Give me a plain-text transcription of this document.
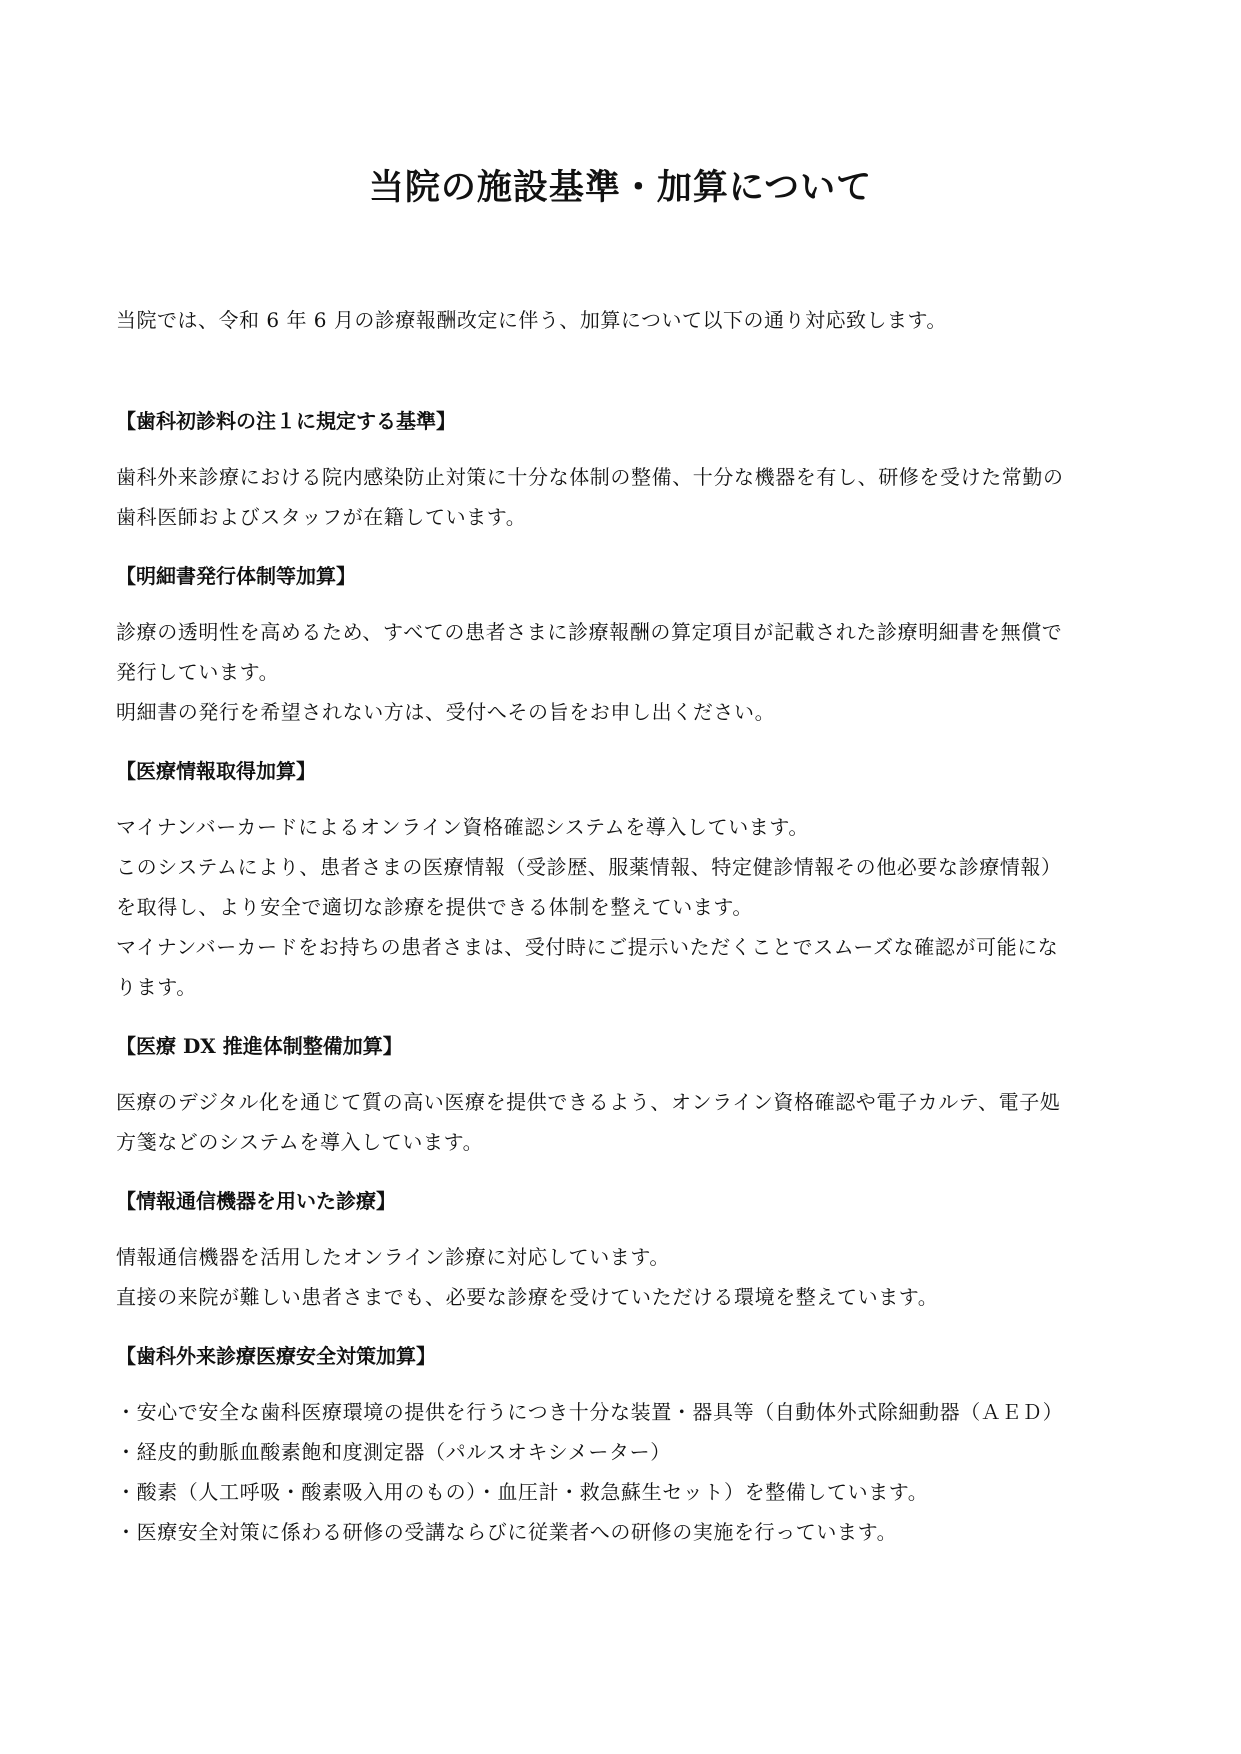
当院の施設基準・加算について

当院では、令和 6 年 6 月の診療報酬改定に伴う、加算について以下の通り対応致します。

【歯科初診料の注１に規定する基準】

歯科外来診療における院内感染防止対策に十分な体制の整備、十分な機器を有し、研修を受けた常勤の

歯科医師およびスタッフが在籍しています。

【明細書発行体制等加算】

診療の透明性を高めるため、すべての患者さまに診療報酬の算定項目が記載された診療明細書を無償で

発行しています。

明細書の発行を希望されない方は、受付へその旨をお申し出ください。

【医療情報取得加算】

マイナンバーカードによるオンライン資格確認システムを導入しています。

このシステムにより、患者さまの医療情報（受診歴、服薬情報、特定健診情報その他必要な診療情報）

を取得し、より安全で適切な診療を提供できる体制を整えています。

マイナンバーカードをお持ちの患者さまは、受付時にご提示いただくことでスムーズな確認が可能にな

ります。

【医療 DX 推進体制整備加算】

医療のデジタル化を通じて質の高い医療を提供できるよう、オンライン資格確認や電子カルテ、電子処

方箋などのシステムを導入しています。

【情報通信機器を用いた診療】

情報通信機器を活用したオンライン診療に対応しています。

直接の来院が難しい患者さまでも、必要な診療を受けていただける環境を整えています。

【歯科外来診療医療安全対策加算】

・安心で安全な歯科医療環境の提供を行うにつき十分な装置・器具等（自動体外式除細動器（ＡＥＤ）

・経皮的動脈血酸素飽和度測定器（パルスオキシメーター）

・酸素（人工呼吸・酸素吸入用のもの）・血圧計・救急蘇生セット）を整備しています。

・医療安全対策に係わる研修の受講ならびに従業者への研修の実施を行っています。
